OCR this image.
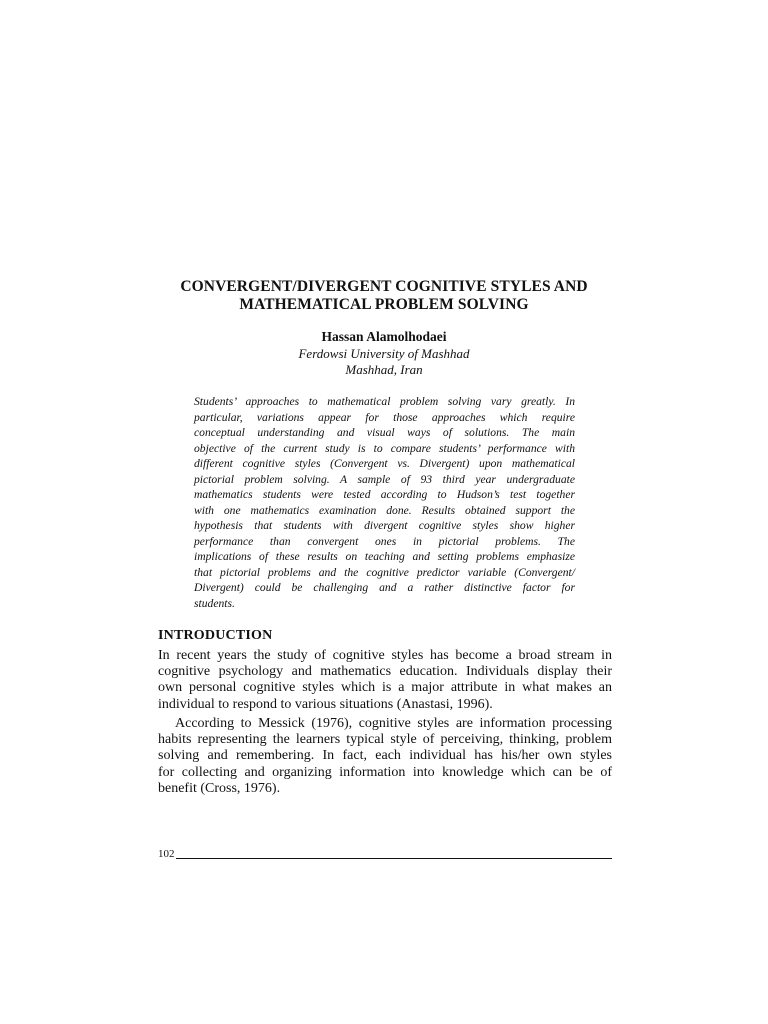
CONVERGENT/DIVERGENT COGNITIVE STYLES AND
MATHEMATICAL PROBLEM SOLVING
Hassan Alamolhodaei
Ferdowsi University of Mashhad
Mashhad, Iran
Students’ approaches to mathematical problem solving vary greatly. In
particular, variations appear for those approaches which require
conceptual understanding and visual ways of solutions. The main
objective of the current study is to compare students’ performance with
different cognitive styles (Convergent vs. Divergent) upon mathematical
pictorial problem solving. A sample of 93 third year undergraduate
mathematics students were tested according to Hudson’s test together
with one mathematics examination done. Results obtained support the
hypothesis that students with divergent cognitive styles show higher
performance than convergent ones in pictorial problems. The
implications of these results on teaching and setting problems emphasize
that pictorial problems and the cognitive predictor variable (Convergent/
Divergent) could be challenging and a rather distinctive factor for
students.
INTRODUCTION
In recent years the study of cognitive styles has become a broad stream in
cognitive psychology and mathematics education. Individuals display their
own personal cognitive styles which is a major attribute in what makes an
individual to respond to various situations (Anastasi, 1996).
According to Messick (1976), cognitive styles are information processing
habits representing the learners typical style of perceiving, thinking, problem
solving and remembering. In fact, each individual has his/her own styles
for collecting and organizing information into knowledge which can be of
benefit (Cross, 1976).
102
